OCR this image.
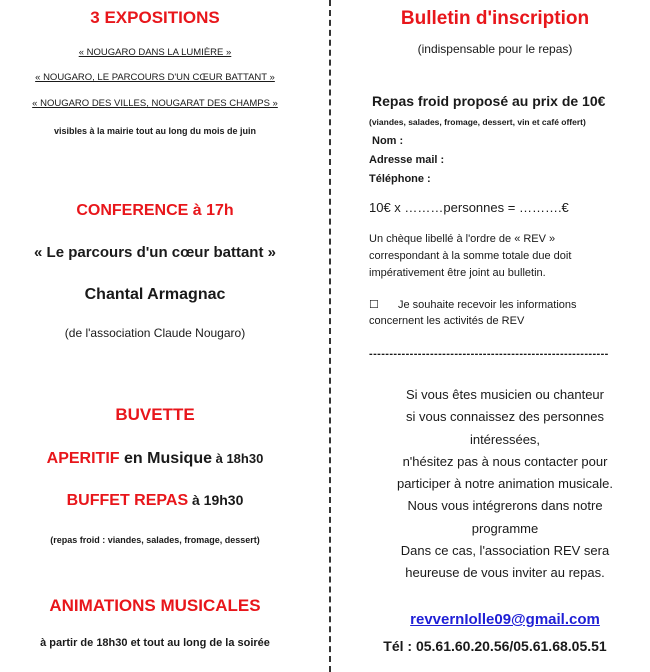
3 EXPOSITIONS
« NOUGARO DANS LA LUMIÈRE »
« NOUGARO, LE PARCOURS D'UN CŒUR BATTANT »
« NOUGARO DES VILLES, NOUGARAT DES CHAMPS »
visibles à la mairie tout au long du mois de juin
CONFERENCE à 17h
« Le parcours d'un cœur battant »
Chantal Armagnac
(de l'association Claude Nougaro)
BUVETTE
APERITIF en Musique à 18h30
BUFFET REPAS à 19h30
(repas froid : viandes, salades, fromage, dessert)
ANIMATIONS MUSICALES
à partir de 18h30 et tout au long de la soirée
Bulletin d'inscription
(indispensable pour le repas)
Repas froid proposé au prix de 10€
(viandes, salades, fromage, dessert, vin et café offert)
Nom :
Adresse mail :
Téléphone :
10€ x ………personnes = ……….€
Un chèque libellé à l'ordre de « REV »
correspondant à la somme totale due doit
impérativement être joint au bulletin.
☐ Je souhaite recevoir les informations
concernent les activités de REV
-----------------------------------------------------------
Si vous êtes musicien ou chanteur
si vous connaissez des personnes
intéressées,
n'hésitez pas à nous contacter pour
participer à notre animation musicale.
Nous vous intégrerons dans notre
programme
Dans ce cas, l'association REV sera
heureuse de vous inviter au repas.
revvernIolle09@gmail.com
Tél : 05.61.60.20.56/05.61.68.05.51
